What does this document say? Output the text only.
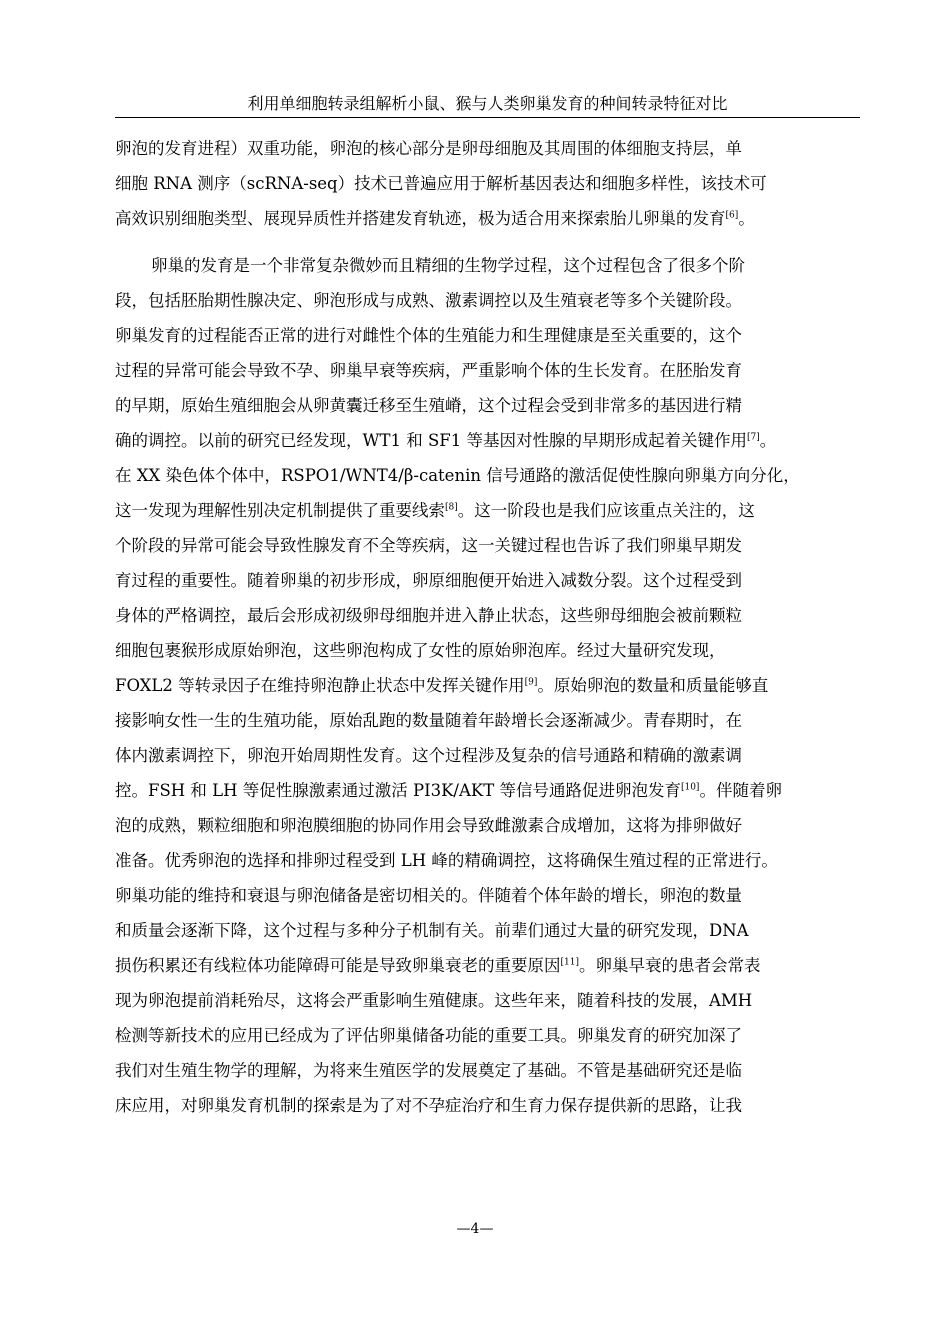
利用单细胞转录组解析小鼠、猴与人类卵巢发育的种间转录特征对比
卵泡的发育进程）双重功能，卵泡的核心部分是卵母细胞及其周围的体细胞支持层，单
细胞 RNA 测序（scRNA-seq）技术已普遍应用于解析基因表达和细胞多样性，该技术可
高效识别细胞类型、展现异质性并搭建发育轨迹，极为适合用来探索胎儿卵巢的发育[6]。
卵巢的发育是一个非常复杂微妙而且精细的生物学过程，这个过程包含了很多个阶
段，包括胚胎期性腺决定、卵泡形成与成熟、激素调控以及生殖衰老等多个关键阶段。
卵巢发育的过程能否正常的进行对雌性个体的生殖能力和生理健康是至关重要的，这个
过程的异常可能会导致不孕、卵巢早衰等疾病，严重影响个体的生长发育。在胚胎发育
的早期，原始生殖细胞会从卵黄囊迁移至生殖嵴，这个过程会受到非常多的基因进行精
确的调控。以前的研究已经发现，WT1 和 SF1 等基因对性腺的早期形成起着关键作用[7]。
在 XX 染色体个体中，RSPO1/WNT4/β-catenin 信号通路的激活促使性腺向卵巢方向分化，
这一发现为理解性别决定机制提供了重要线索[8]。这一阶段也是我们应该重点关注的，这
个阶段的异常可能会导致性腺发育不全等疾病，这一关键过程也告诉了我们卵巢早期发
育过程的重要性。随着卵巢的初步形成，卵原细胞便开始进入减数分裂。这个过程受到
身体的严格调控，最后会形成初级卵母细胞并进入静止状态，这些卵母细胞会被前颗粒
细胞包裹猴形成原始卵泡，这些卵泡构成了女性的原始卵泡库。经过大量研究发现，
FOXL2 等转录因子在维持卵泡静止状态中发挥关键作用[9]。原始卵泡的数量和质量能够直
接影响女性一生的生殖功能，原始乱跑的数量随着年龄增长会逐渐减少。青春期时，在
体内激素调控下，卵泡开始周期性发育。这个过程涉及复杂的信号通路和精确的激素调
控。FSH 和 LH 等促性腺激素通过激活 PI3K/AKT 等信号通路促进卵泡发育[10]。伴随着卵
泡的成熟，颗粒细胞和卵泡膜细胞的协同作用会导致雌激素合成增加，这将为排卵做好
准备。优秀卵泡的选择和排卵过程受到 LH 峰的精确调控，这将确保生殖过程的正常进行。
卵巢功能的维持和衰退与卵泡储备是密切相关的。伴随着个体年龄的增长，卵泡的数量
和质量会逐渐下降，这个过程与多种分子机制有关。前辈们通过大量的研究发现，DNA
损伤积累还有线粒体功能障碍可能是导致卵巢衰老的重要原因[11]。卵巢早衰的患者会常表
现为卵泡提前消耗殆尽，这将会严重影响生殖健康。这些年来，随着科技的发展，AMH
检测等新技术的应用已经成为了评估卵巢储备功能的重要工具。卵巢发育的研究加深了
我们对生殖生物学的理解，为将来生殖医学的发展奠定了基础。不管是基础研究还是临
床应用，对卵巢发育机制的探索是为了对不孕症治疗和生育力保存提供新的思路，让我
—4—
